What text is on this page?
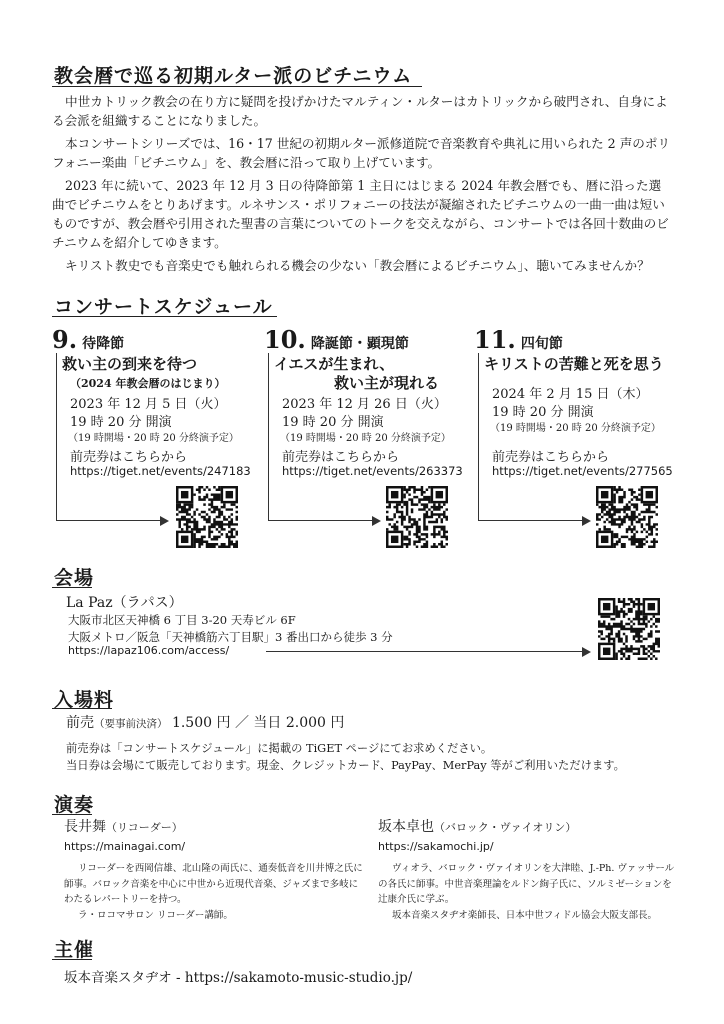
教会暦で巡る初期ルター派のビチニウム

中世カトリック教会の在り方に疑問を投げかけたマルティン・ルターはカトリックから破門され、自身による会派を組織することになりました。

本コンサートシリーズでは、16・17 世紀の初期ルター派修道院で音楽教育や典礼に用いられた 2 声のポリフォニー楽曲「ビチニウム」を、教会暦に沿って取り上げています。

2023 年に続いて、2023 年 12 月 3 日の待降節第 1 主日にはじまる 2024 年教会暦でも、暦に沿った選曲でビチニウムをとりあげます。ルネサンス・ポリフォニーの技法が凝縮されたビチニウムの一曲一曲は短いものですが、教会暦や引用された聖書の言葉についてのトークを交えながら、コンサートでは各回十数曲のビチニウムを紹介してゆきます。

キリスト教史でも音楽史でも触れられる機会の少ない「教会暦によるビチニウム」、聴いてみませんか？

コンサートスケジュール
9. 待降節
救い主の到来を待つ
（2024 年教会暦のはじまり）
2023 年 12 月 5 日（火）
19 時 20 分 開演
（19 時開場・20 時 20 分終演予定）
前売券はこちらから
https://tiget.net/events/247183
10. 降誕節・顕現節
イエスが生まれ、
救い主が現れる
2023 年 12 月 26 日（火）
19 時 20 分 開演
（19 時開場・20 時 20 分終演予定）
前売券はこちらから
https://tiget.net/events/263373
11. 四旬節
キリストの苦難と死を思う
2024 年 2 月 15 日（木）
19 時 20 分 開演
（19 時開場・20 時 20 分終演予定）
前売券はこちらから
https://tiget.net/events/277565
会場
La Paz（ラパス）
大阪市北区天神橋 6 丁目 3-20 天寿ビル 6F
大阪メトロ／阪急「天神橋筋六丁目駅」3 番出口から徒歩 3 分
https://lapaz106.com/access/
入場料
前売（要事前決済） 1.500 円 ／ 当日 2.000 円
前売券は「コンサートスケジュール」に掲載の TiGET ページにてお求めください。
当日券は会場にて販売しております。現金、クレジットカード、PayPay、MerPay 等がご利用いただけます。
演奏
長井舞（リコーダー）
https://mainagai.com/
リコーダーを西岡信雄、北山隆の両氏に、通奏低音を川井博之氏に師事。バロック音楽を中心に中世から近現代音楽、ジャズまで多岐にわたるレパートリーを持つ。
ラ・ロコマサロン リコーダー講師。
坂本卓也（バロック・ヴァイオリン）
https://sakamochi.jp/
ヴィオラ、バロック・ヴァイオリンを大津睦、J.-Ph. ヴァッサールの各氏に師事。中世音楽理論をルドン絢子氏に、ソルミゼーションを辻康介氏に学ぶ。
坂本音楽スタヂオ楽師長、日本中世フィドル協会大阪支部長。
主催
坂本音楽スタヂオ - https://sakamoto-music-studio.jp/
